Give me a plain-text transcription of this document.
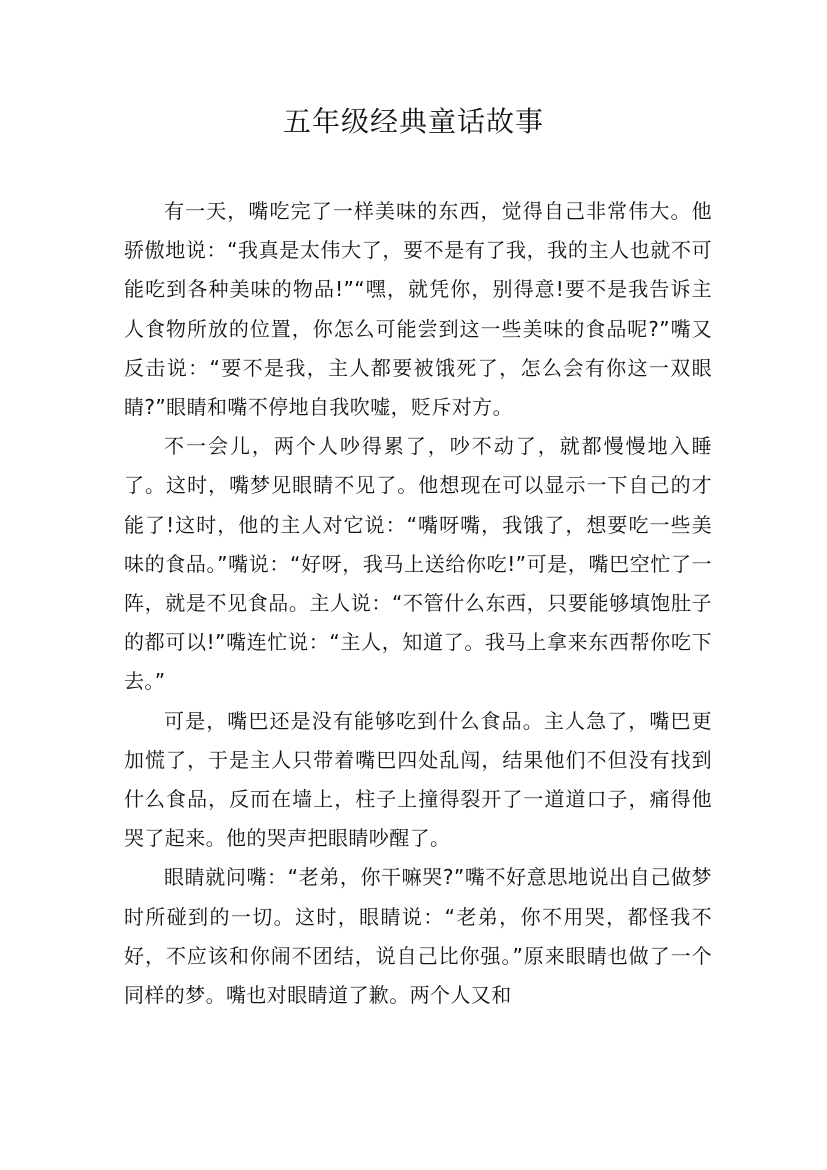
五年级经典童话故事

有一天，嘴吃完了一样美味的东西，觉得自己非常伟大。他骄傲地说：“我真是太伟大了，要不是有了我，我的主人也就不可能吃到各种美味的物品!”“嘿，就凭你，别得意!要不是我告诉主人食物所放的位置，你怎么可能尝到这一些美味的食品呢?”嘴又反击说：“要不是我，主人都要被饿死了，怎么会有你这一双眼睛?”眼睛和嘴不停地自我吹嘘，贬斥对方。

不一会儿，两个人吵得累了，吵不动了，就都慢慢地入睡了。这时，嘴梦见眼睛不见了。他想现在可以显示一下自己的才能了!这时，他的主人对它说：“嘴呀嘴，我饿了，想要吃一些美味的食品。”嘴说：“好呀，我马上送给你吃!”可是，嘴巴空忙了一阵，就是不见食品。主人说：“不管什么东西，只要能够填饱肚子的都可以!”嘴连忙说：“主人，知道了。我马上拿来东西帮你吃下去。”

可是，嘴巴还是没有能够吃到什么食品。主人急了，嘴巴更加慌了，于是主人只带着嘴巴四处乱闯，结果他们不但没有找到什么食品，反而在墙上，柱子上撞得裂开了一道道口子，痛得他哭了起来。他的哭声把眼睛吵醒了。

眼睛就问嘴：“老弟，你干嘛哭?”嘴不好意思地说出自己做梦时所碰到的一切。这时，眼睛说：“老弟，你不用哭，都怪我不好，不应该和你闹不团结，说自己比你强。”原来眼睛也做了一个同样的梦。嘴也对眼睛道了歉。两个人又和
